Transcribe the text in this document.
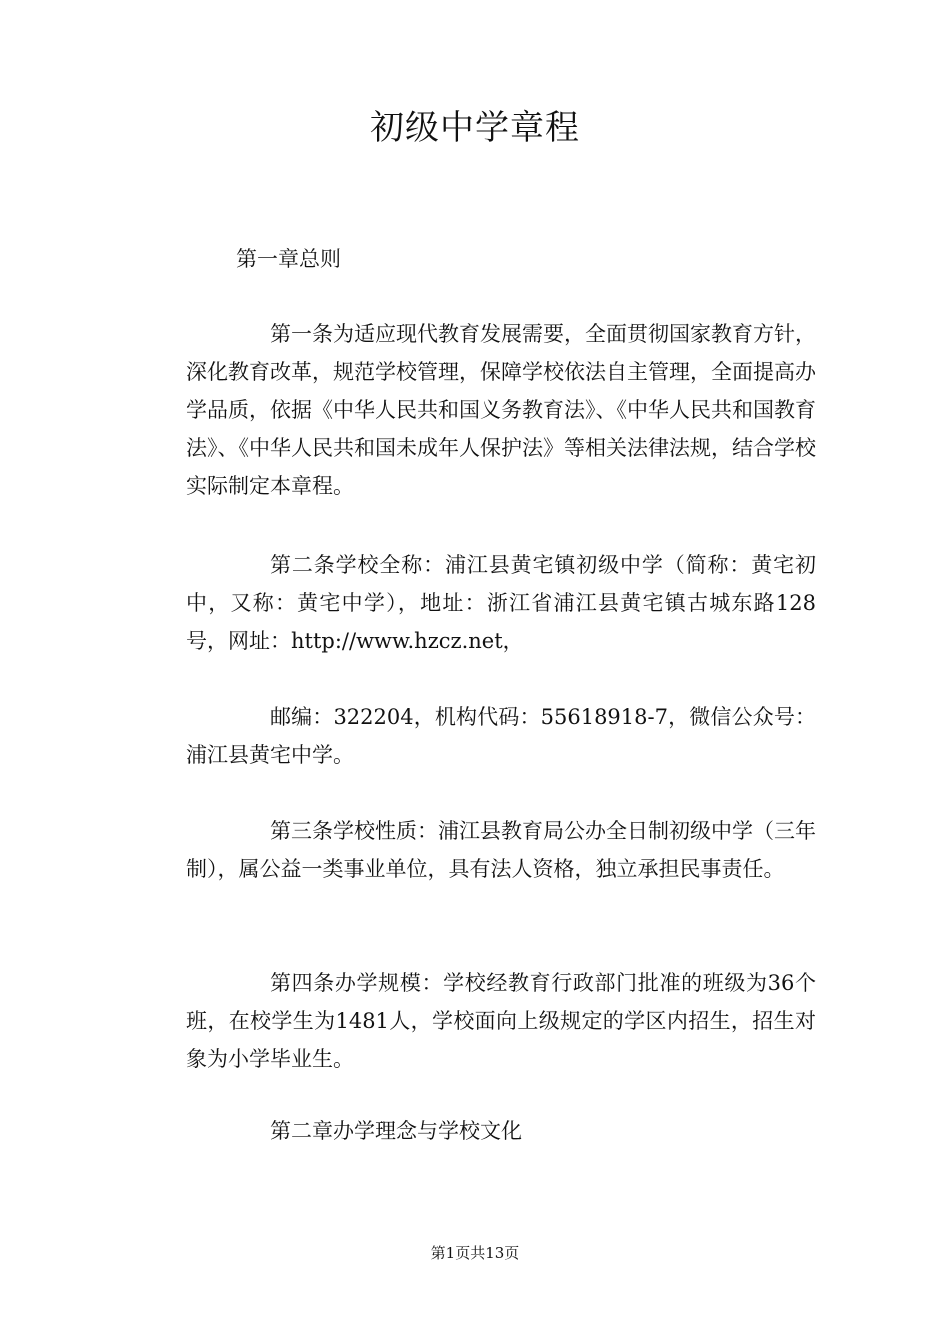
初级中学章程
第一章总则

第一条为适应现代教育发展需要，全面贯彻国家教育方针，深化教育改革，规范学校管理，保障学校依法自主管理，全面提高办学品质，依据《中华人民共和国义务教育法》、《中华人民共和国教育法》、《中华人民共和国未成年人保护法》等相关法律法规，结合学校实际制定本章程。

第二条学校全称：浦江县黄宅镇初级中学（简称：黄宅初中，又称：黄宅中学），地址：浙江省浦江县黄宅镇古城东路128号，网址：http://www.hzcz.net，

邮编：322204，机构代码：55618918-7，微信公众号：浦江县黄宅中学。

第三条学校性质：浦江县教育局公办全日制初级中学（三年制），属公益一类事业单位，具有法人资格，独立承担民事责任。

第四条办学规模：学校经教育行政部门批准的班级为36个班，在校学生为1481人，学校面向上级规定的学区内招生，招生对象为小学毕业生。

第二章办学理念与学校文化
第1页共13页
